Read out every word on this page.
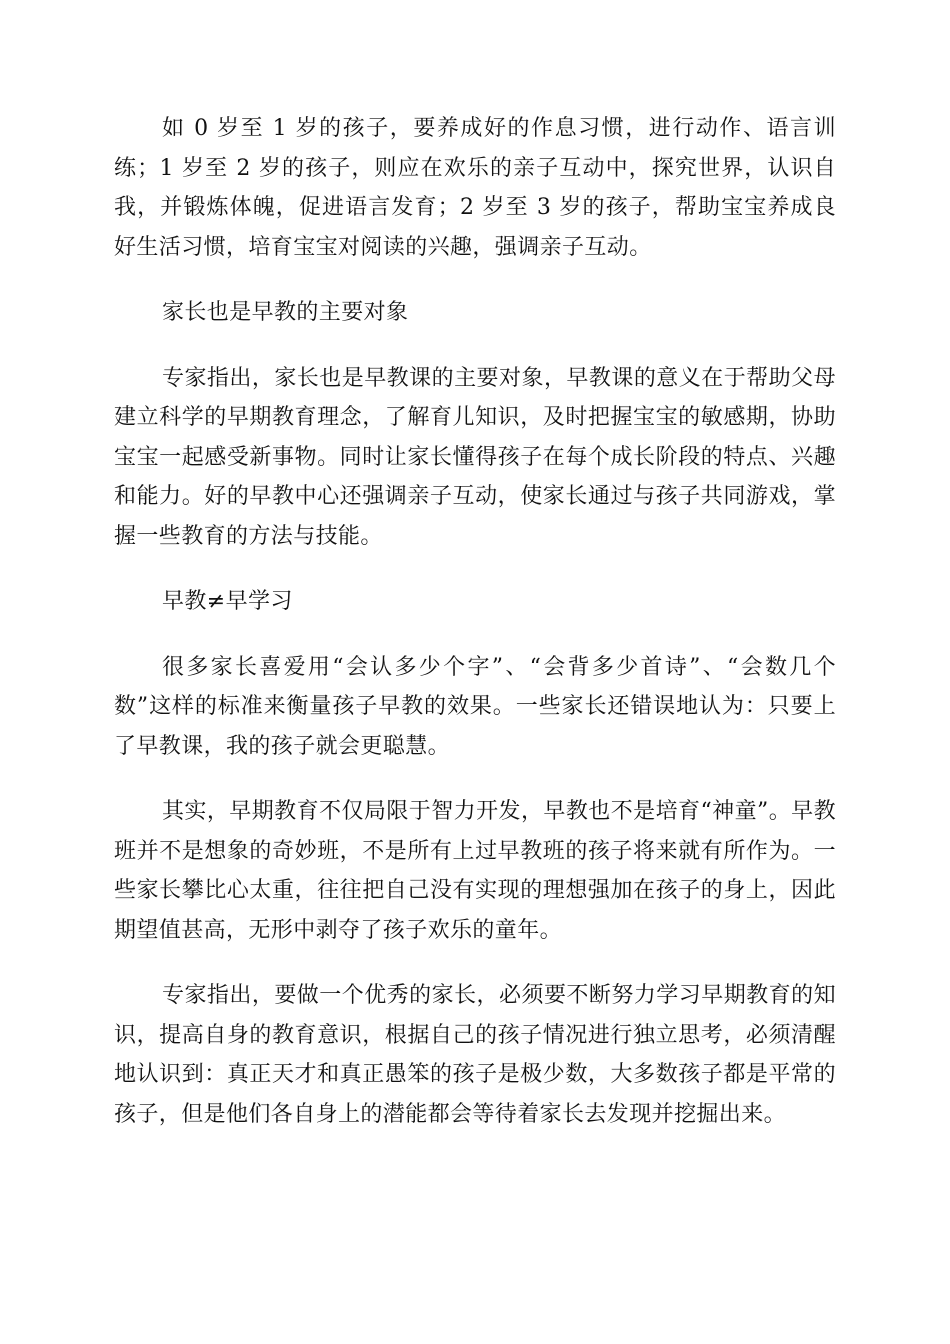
如 0 岁至 1 岁的孩子，要养成好的作息习惯，进行动作、语言训练；1 岁至 2 岁的孩子，则应在欢乐的亲子互动中，探究世界，认识自我，并锻炼体魄，促进语言发育；2 岁至 3 岁的孩子，帮助宝宝养成良好生活习惯，培育宝宝对阅读的兴趣，强调亲子互动。

家长也是早教的主要对象

专家指出，家长也是早教课的主要对象，早教课的意义在于帮助父母建立科学的早期教育理念，了解育儿知识，及时把握宝宝的敏感期，协助宝宝一起感受新事物。同时让家长懂得孩子在每个成长阶段的特点、兴趣和能力。好的早教中心还强调亲子互动，使家长通过与孩子共同游戏，掌握一些教育的方法与技能。

早教≠早学习

很多家长喜爱用“会认多少个字”、“会背多少首诗”、“会数几个数”这样的标准来衡量孩子早教的效果。一些家长还错误地认为：只要上了早教课，我的孩子就会更聪慧。

其实，早期教育不仅局限于智力开发，早教也不是培育“神童”。早教班并不是想象的奇妙班，不是所有上过早教班的孩子将来就有所作为。一些家长攀比心太重，往往把自己没有实现的理想强加在孩子的身上，因此期望值甚高，无形中剥夺了孩子欢乐的童年。

专家指出，要做一个优秀的家长，必须要不断努力学习早期教育的知识，提高自身的教育意识，根据自己的孩子情况进行独立思考，必须清醒地认识到：真正天才和真正愚笨的孩子是极少数，大多数孩子都是平常的孩子，但是他们各自身上的潜能都会等待着家长去发现并挖掘出来。
